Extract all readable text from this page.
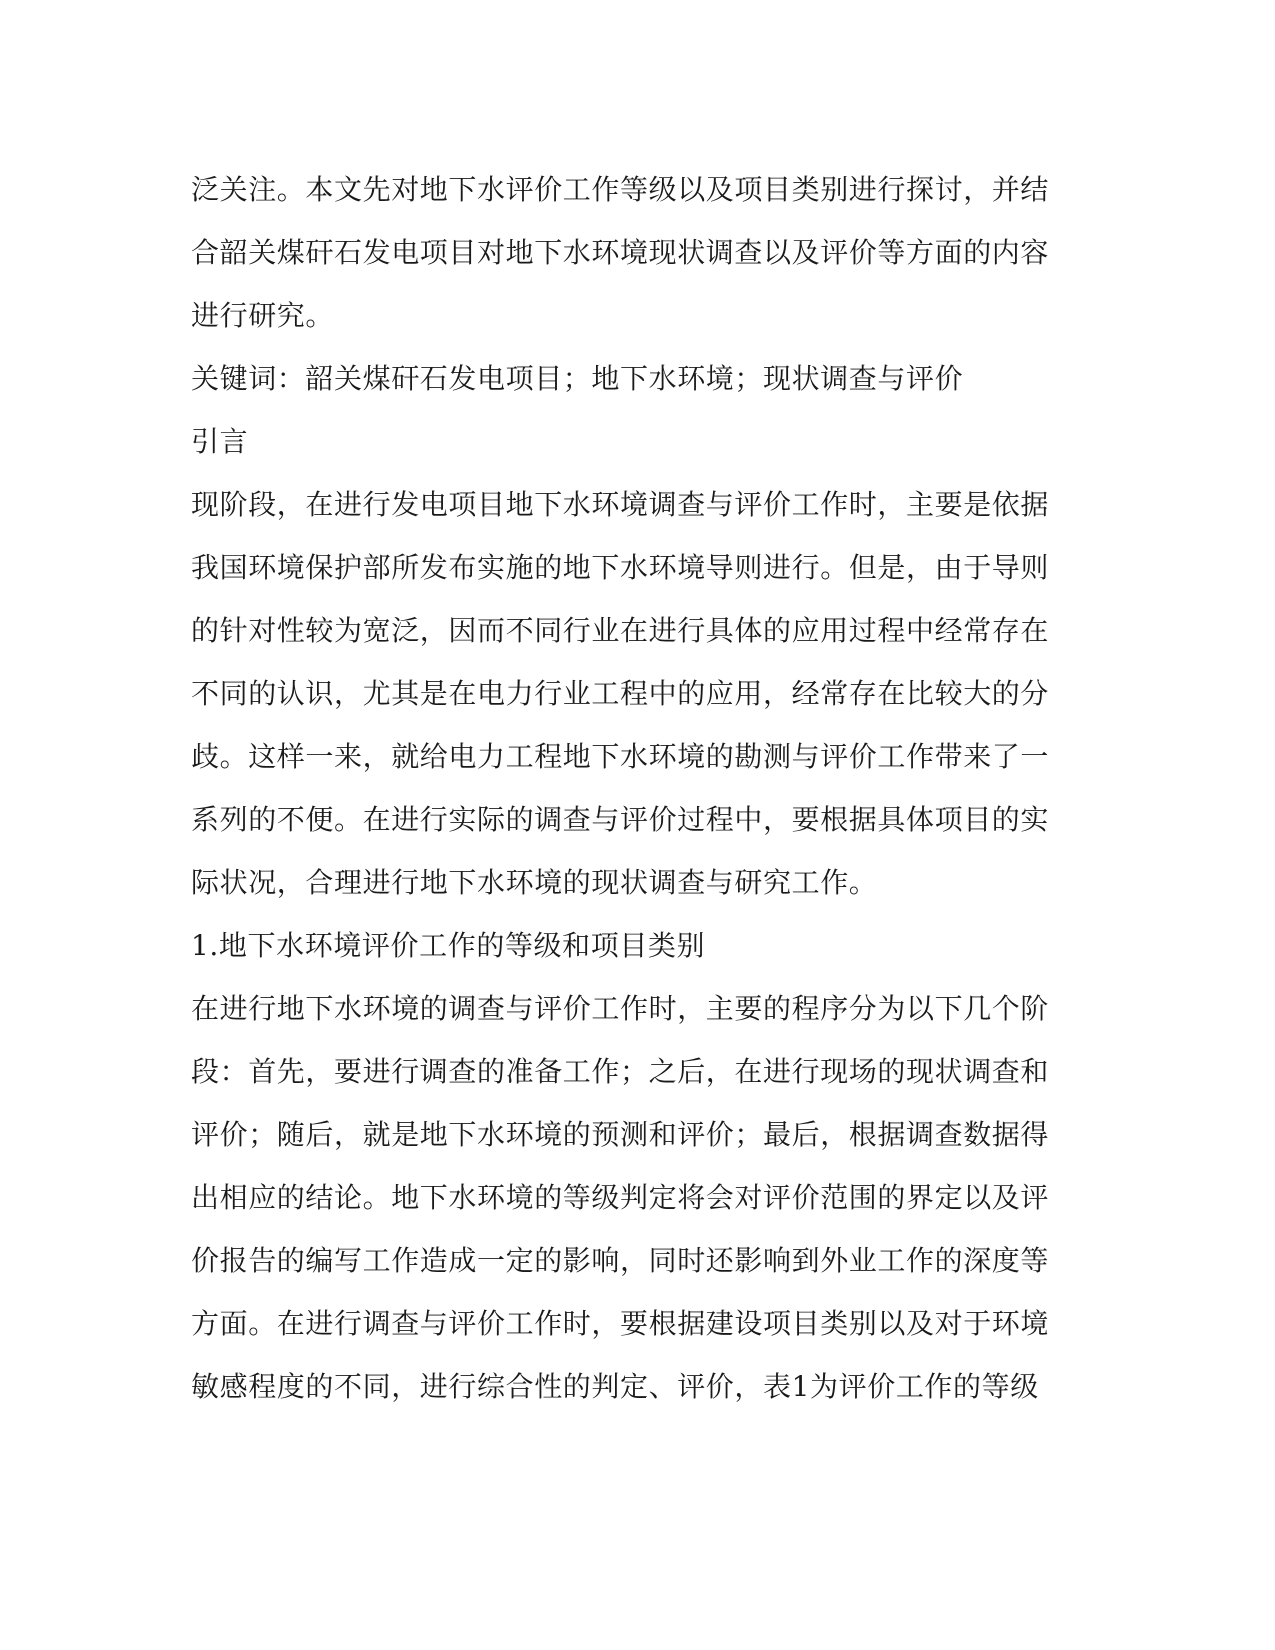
泛关注。本文先对地下水评价工作等级以及项目类别进行探讨，并结
合韶关煤矸石发电项目对地下水环境现状调查以及评价等方面的内容
进行研究。
关键词：韶关煤矸石发电项目；地下水环境；现状调查与评价
引言
现阶段，在进行发电项目地下水环境调查与评价工作时，主要是依据
我国环境保护部所发布实施的地下水环境导则进行。但是，由于导则
的针对性较为宽泛，因而不同行业在进行具体的应用过程中经常存在
不同的认识，尤其是在电力行业工程中的应用，经常存在比较大的分
歧。这样一来，就给电力工程地下水环境的勘测与评价工作带来了一
系列的不便。在进行实际的调查与评价过程中，要根据具体项目的实
际状况，合理进行地下水环境的现状调查与研究工作。
1.地下水环境评价工作的等级和项目类别
在进行地下水环境的调查与评价工作时，主要的程序分为以下几个阶
段：首先，要进行调查的准备工作；之后，在进行现场的现状调查和
评价；随后，就是地下水环境的预测和评价；最后，根据调查数据得
出相应的结论。地下水环境的等级判定将会对评价范围的界定以及评
价报告的编写工作造成一定的影响，同时还影响到外业工作的深度等
方面。在进行调查与评价工作时，要根据建设项目类别以及对于环境
敏感程度的不同，进行综合性的判定、评价，表1为评价工作的等级
